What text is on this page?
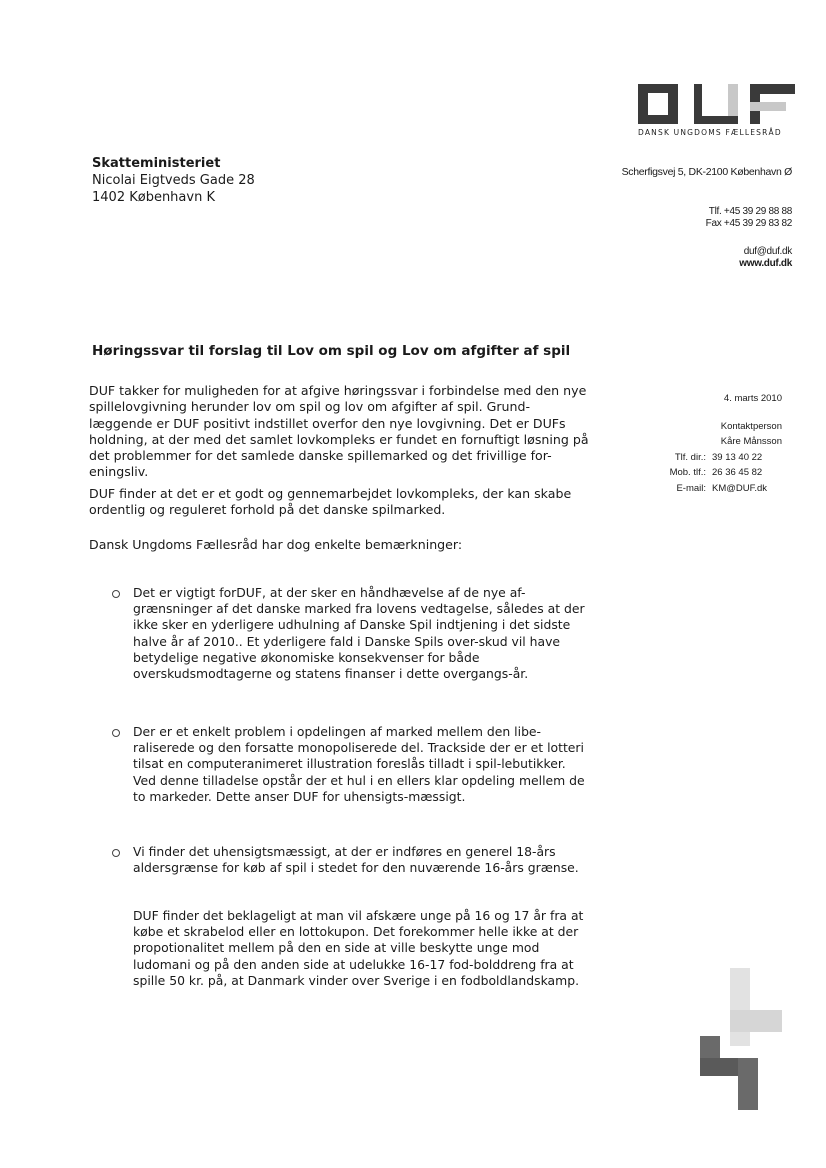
DANSK UNGDOMS FÆLLESRÅD
Scherfigsvej 5, DK-2100 København Ø
Tlf. +45 39 29 88 88
Fax +45 39 29 83 82
duf@duf.dk
www.duf.dk
Skatteministeriet
Nicolai Eigtveds Gade 28
1402 København K
Høringssvar til forslag til Lov om spil og Lov om afgifter af spil
4. marts 2010
Kontaktperson
Kåre Månsson
Tlf. dir.: 39 13 40 22
Mob. tlf.: 26 36 45 82
E-mail: KM@DUF.dk
DUF takker for muligheden for at afgive høringssvar i forbindelse med den nye spillelovgivning herunder lov om spil og lov om afgifter af spil. Grund-læggende er DUF positivt indstillet overfor den nye lovgivning. Det er DUFs holdning, at der med det samlet lovkompleks er fundet en fornuftigt løsning på det problemmer for det samlede danske spillemarked og det frivillige for-eningsliv.
DUF finder at det er et godt og gennemarbejdet lovkompleks, der kan skabe ordentlig og reguleret forhold på det danske spilmarked.
Dansk Ungdoms Fællesråd har dog enkelte bemærkninger:
Det er vigtigt forDUF, at der sker en håndhævelse af de nye af-grænsninger af det danske marked fra lovens vedtagelse, således at der ikke sker en yderligere udhulning af Danske Spil indtjening i det sidste halve år af 2010.. Et yderligere fald i Danske Spils over-skud vil have betydelige negative økonomiske konsekvenser for både overskudsmodtagerne og statens finanser i dette overgangs-år.
Der er et enkelt problem i opdelingen af marked mellem den libe-raliserede og den forsatte monopoliserede del. Trackside der er et lotteri tilsat en computeranimeret illustration foreslås tilladt i spil-lebutikker. Ved denne tilladelse opstår der et hul i en ellers klar opdeling mellem de to markeder. Dette anser DUF for uhensigts-mæssigt.
Vi finder det uhensigtsmæssigt, at der er indføres en generel 18-års aldersgrænse for køb af spil i stedet for den nuværende 16-års grænse.
DUF finder det beklageligt at man vil afskære unge på 16 og 17 år fra at købe et skrabelod eller en lottokupon. Det forekommer helle ikke at der propotionalitet mellem på den en side at ville beskytte unge mod ludomani og på den anden side at udelukke 16-17 fod-bolddreng fra at spille 50 kr. på, at Danmark vinder over Sverige i en fodboldlandskamp.
